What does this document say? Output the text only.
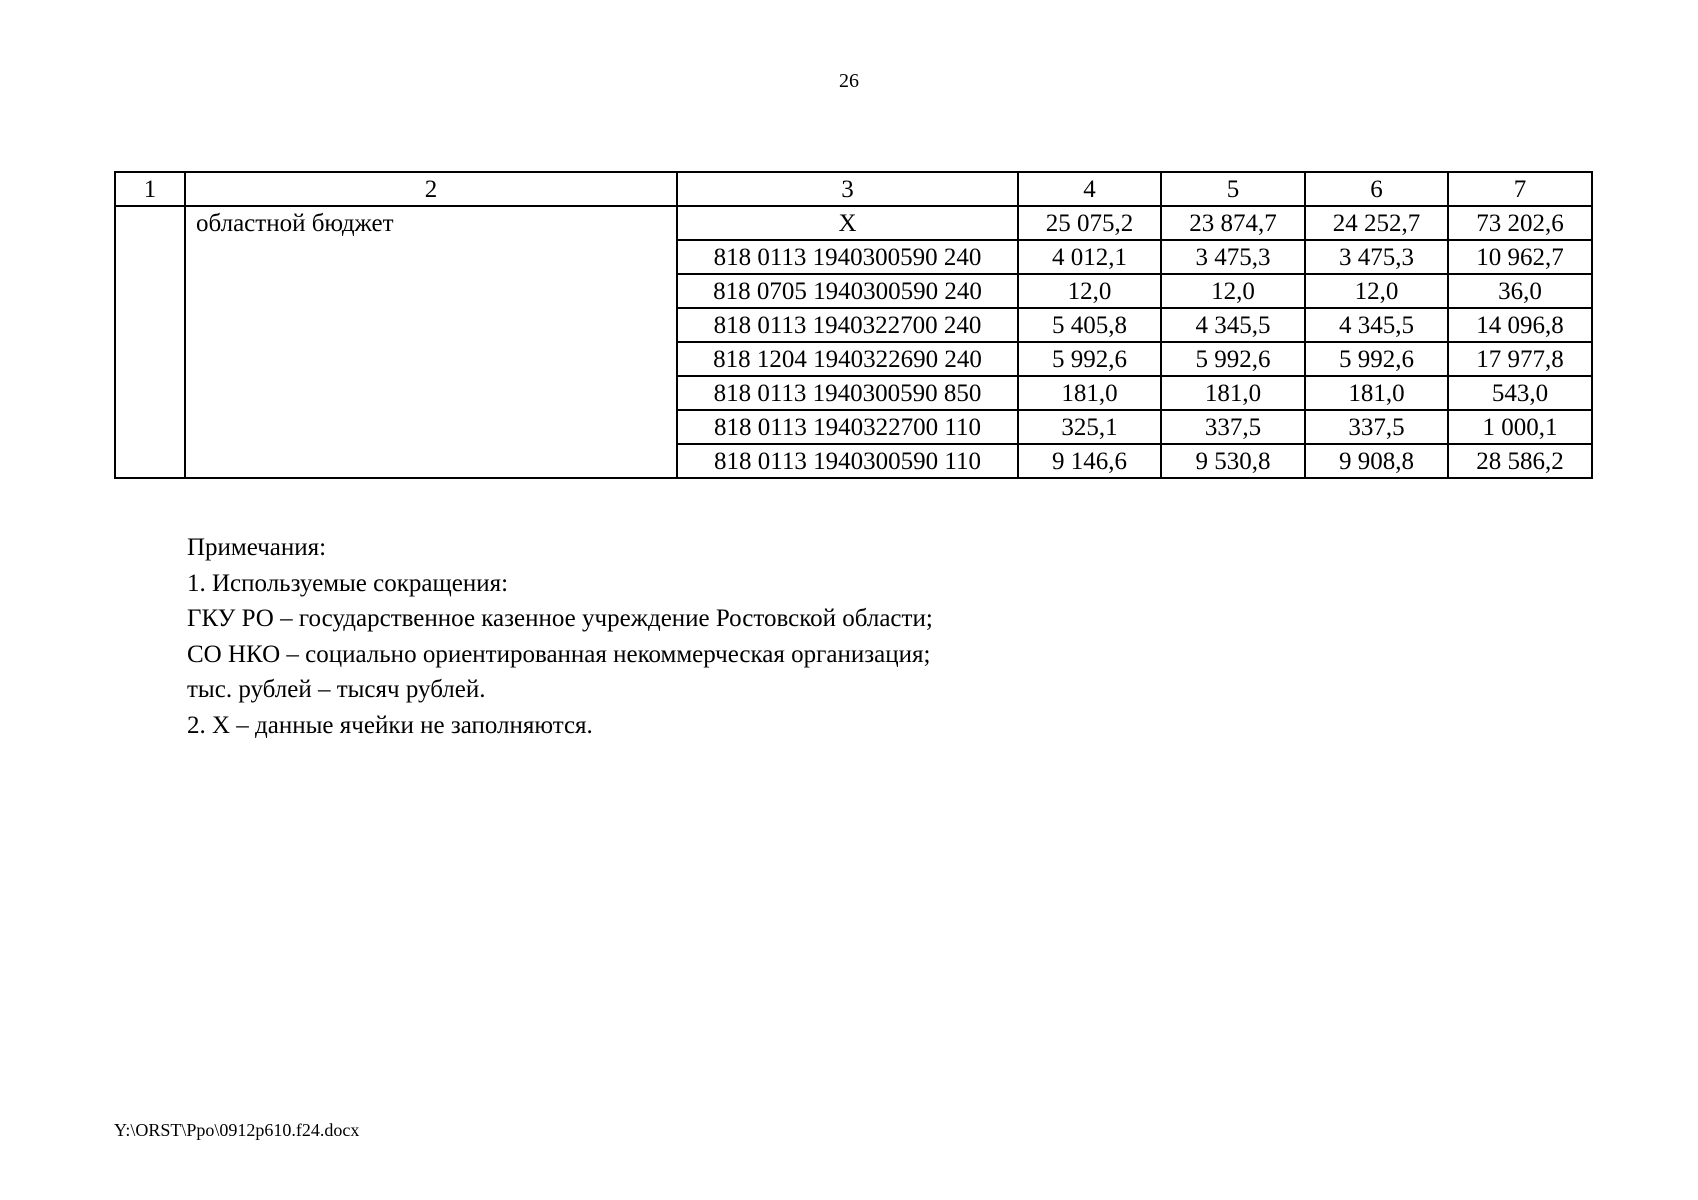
26
1	2	3	4	5	6	7
	областной бюджет	Х	25 075,2	23 874,7	24 252,7	73 202,6
		818 0113 1940300590 240	4 012,1	3 475,3	3 475,3	10 962,7
		818 0705 1940300590 240	12,0	12,0	12,0	36,0
		818 0113 1940322700 240	5 405,8	4 345,5	4 345,5	14 096,8
		818 1204 1940322690 240	5 992,6	5 992,6	5 992,6	17 977,8
		818 0113 1940300590 850	181,0	181,0	181,0	543,0
		818 0113 1940322700 110	325,1	337,5	337,5	1 000,1
		818 0113 1940300590 110	9 146,6	9 530,8	9 908,8	28 586,2
Примечания:
1. Используемые сокращения:
ГКУ РО – государственное казенное учреждение Ростовской области;
СО НКО – социально ориентированная некоммерческая организация;
тыс. рублей – тысяч рублей.
2. Х – данные ячейки не заполняются.
Y:\ORST\Ppo\0912p610.f24.docx
